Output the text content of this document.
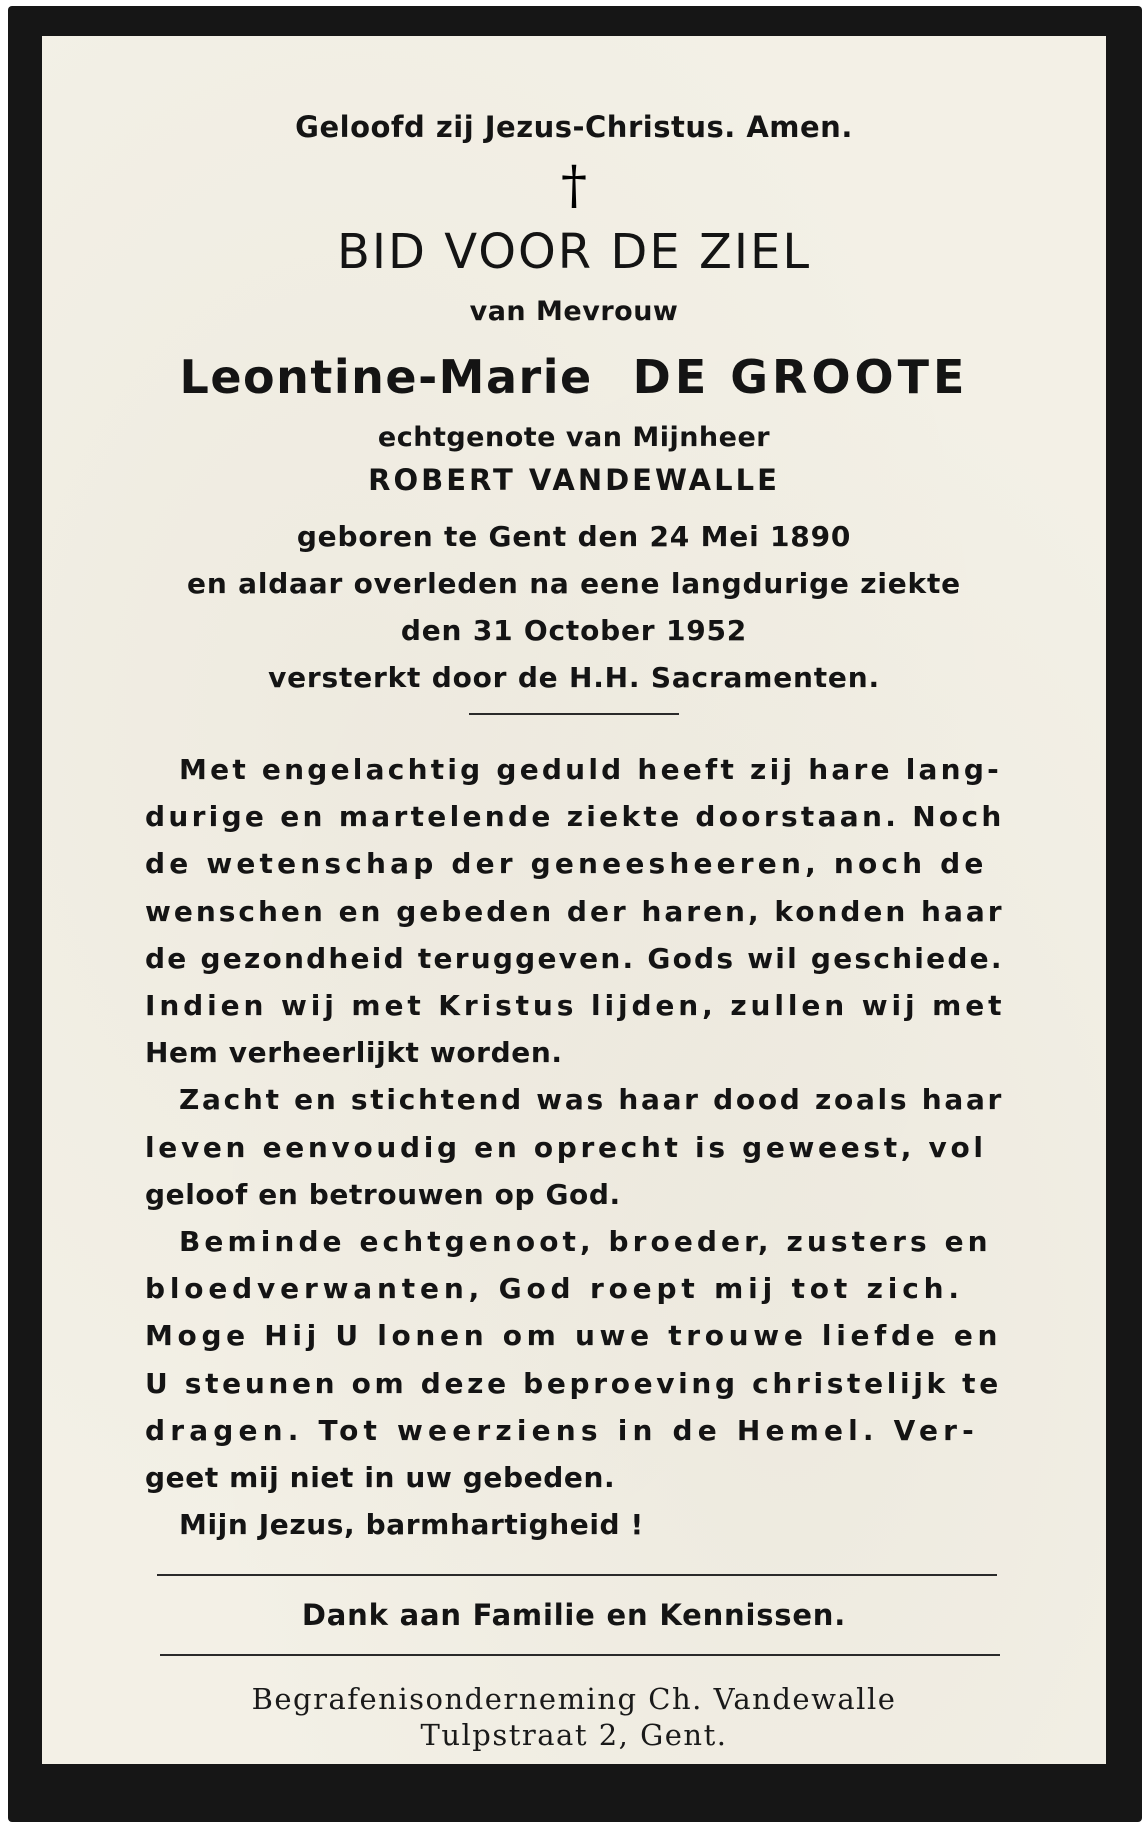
Geloofd zij Jezus-Christus. Amen.
†
BID VOOR DE ZIEL
van Mevrouw
Leontine-Marie DE GROOTE
echtgenote van Mijnheer
ROBERT VANDEWALLE
geboren te Gent den 24 Mei 1890
en aldaar overleden na eene langdurige ziekte
den 31 October 1952
versterkt door de H.H. Sacramenten.
Met engelachtig geduld heeft zij hare lang-
durige en martelende ziekte doorstaan. Noch
de wetenschap der geneesheeren, noch de
wenschen en gebeden der haren, konden haar
de gezondheid teruggeven. Gods wil geschiede.
Indien wij met Kristus lijden, zullen wij met
Hem verheerlijkt worden.
Zacht en stichtend was haar dood zoals haar
leven eenvoudig en oprecht is geweest, vol
geloof en betrouwen op God.
Beminde echtgenoot, broeder, zusters en
bloedverwanten, God roept mij tot zich.
Moge Hij U lonen om uwe trouwe liefde en
U steunen om deze beproeving christelijk te
dragen. Tot weerziens in de Hemel. Ver-
geet mij niet in uw gebeden.
Mijn Jezus, barmhartigheid !
Dank aan Familie en Kennissen.
Begrafenisonderneming Ch. Vandewalle
Tulpstraat 2, Gent.
